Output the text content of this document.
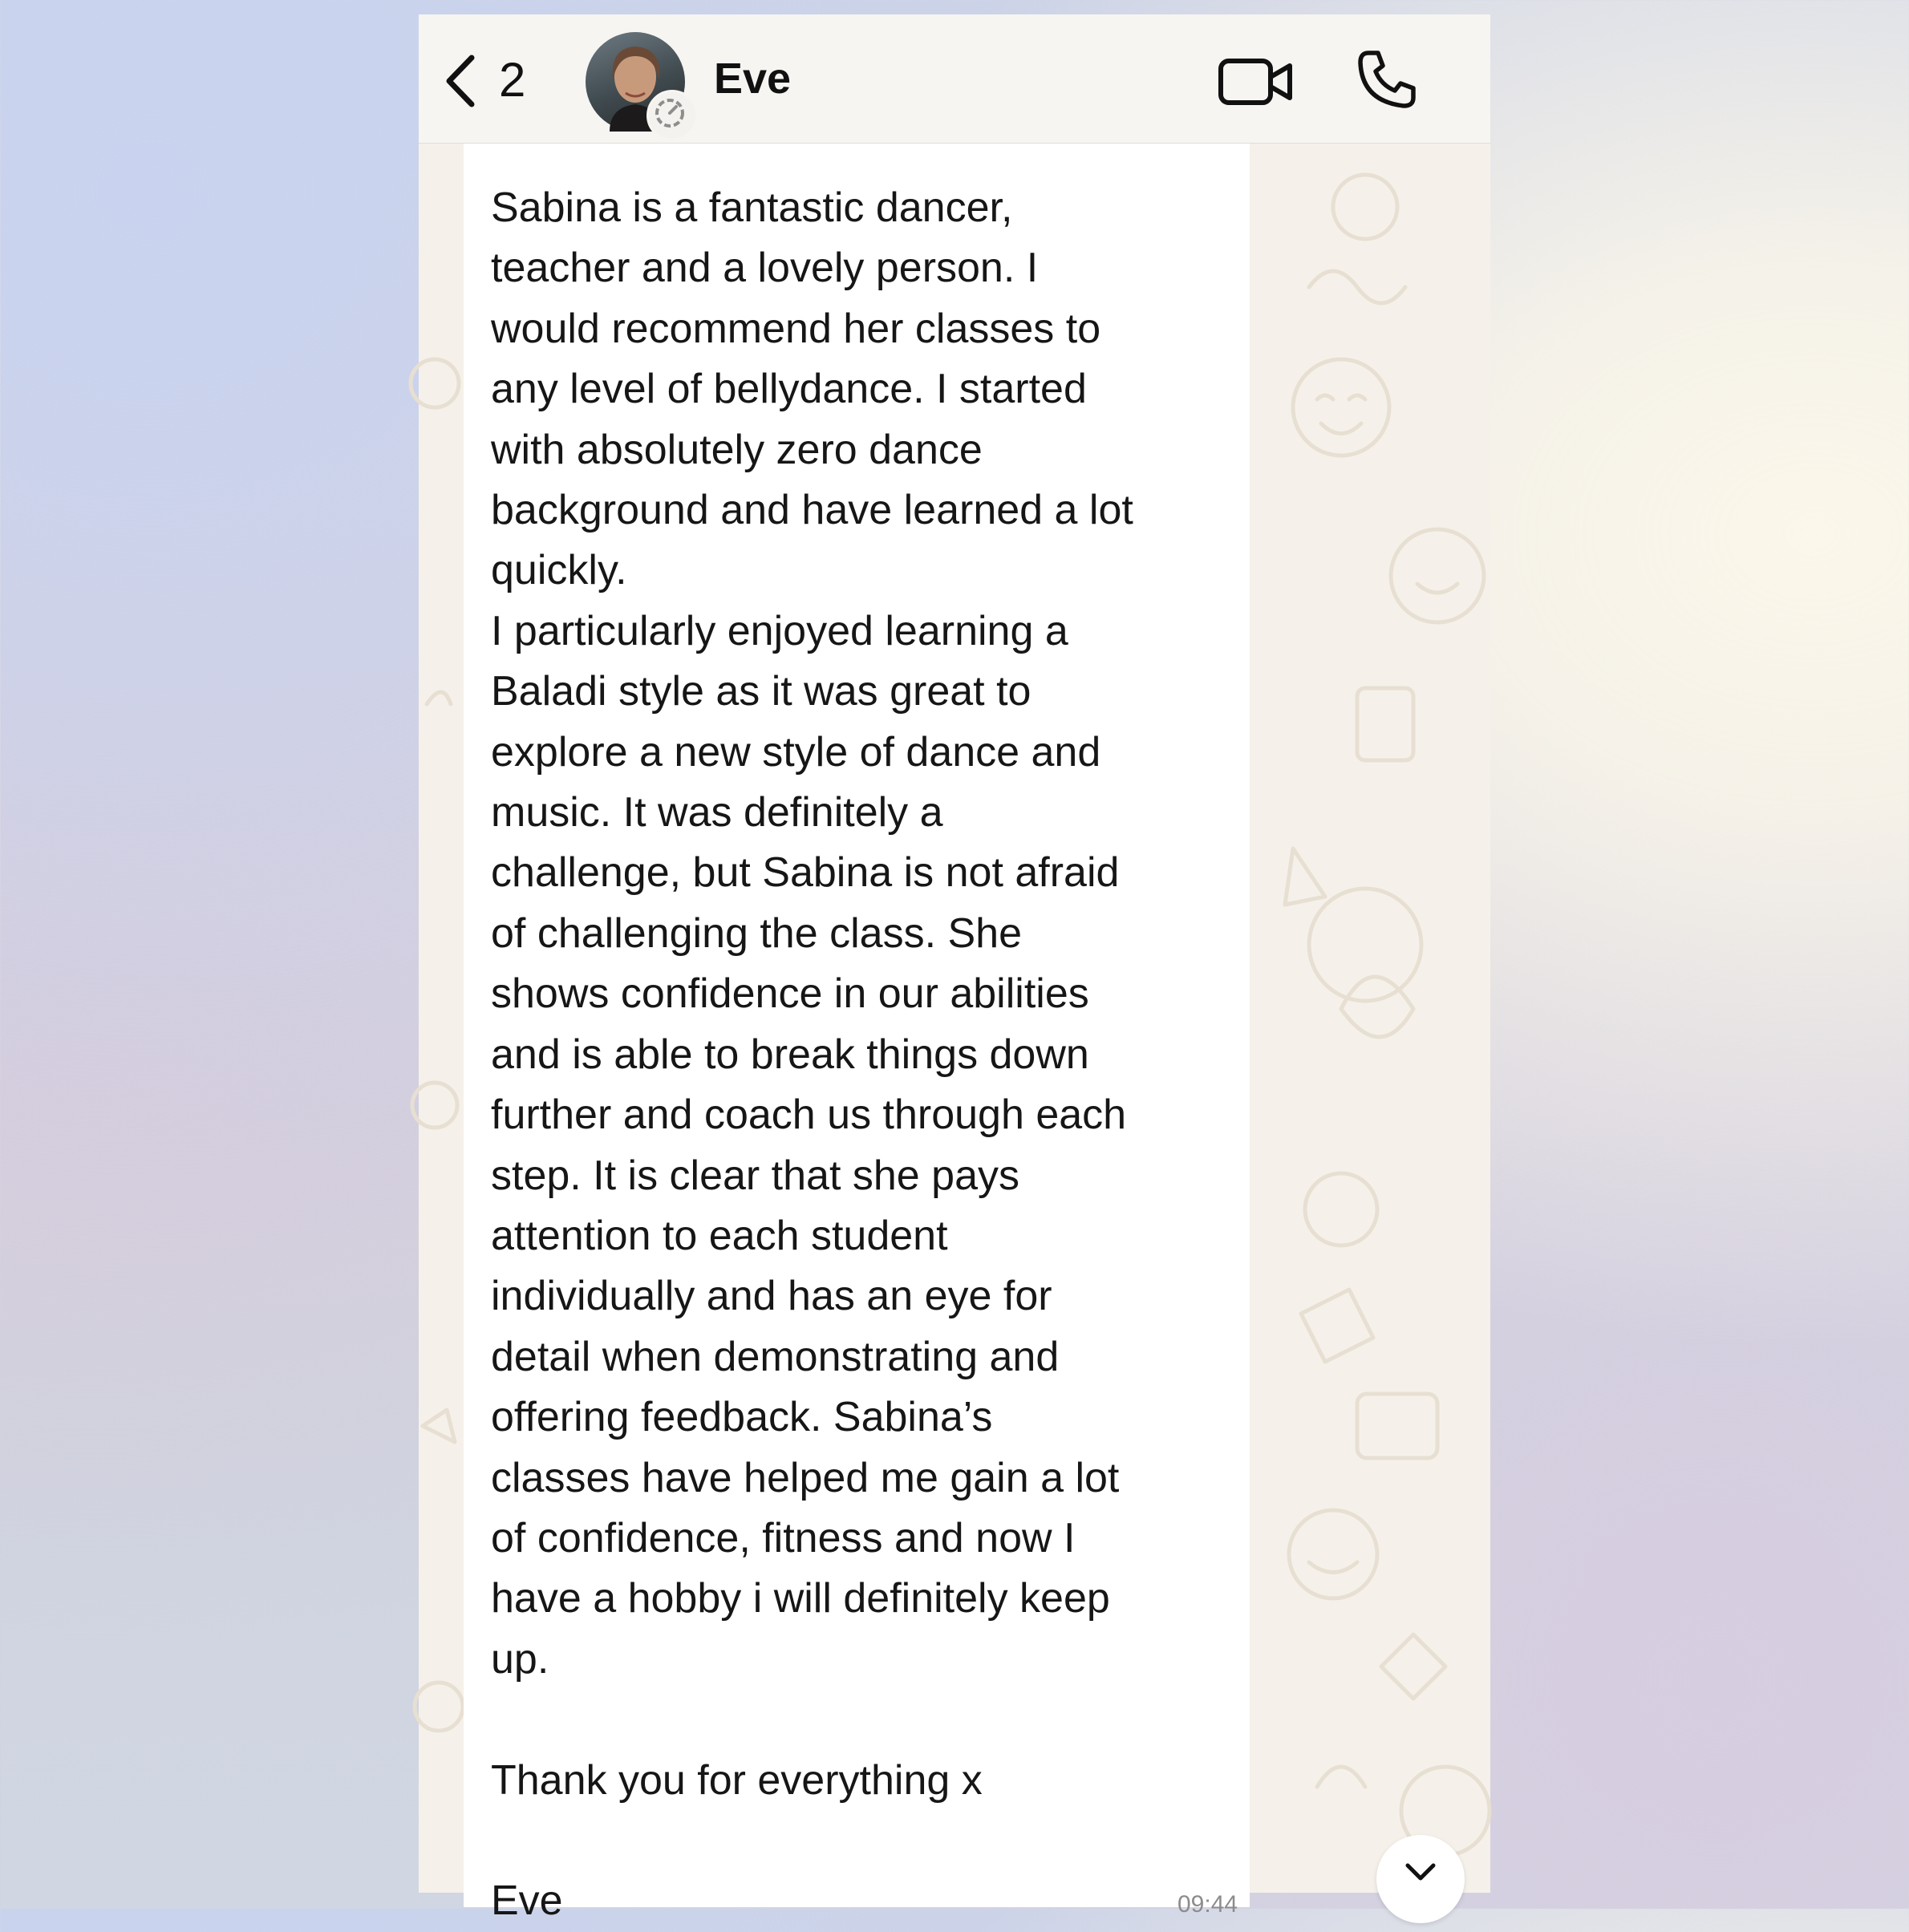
2	Eve
Sabina is a fantastic dancer,
teacher and a lovely person. I
would recommend her classes to
any level of bellydance. I started
with absolutely zero dance
background and have learned a lot
quickly.
I particularly enjoyed learning a
Baladi style as it was great to
explore a new style of dance and
music. It was definitely a
challenge, but Sabina is not afraid
of challenging the class. She
shows confidence in our abilities
and is able to break things down
further and coach us through each
step. It is clear that she pays
attention to each student
individually and has an eye for
detail when demonstrating and
offering feedback. Sabina’s
classes have helped me gain a lot
of confidence, fitness and now I
have a hobby i will definitely keep
up.

Thank you for everything x

Eve	09:44
